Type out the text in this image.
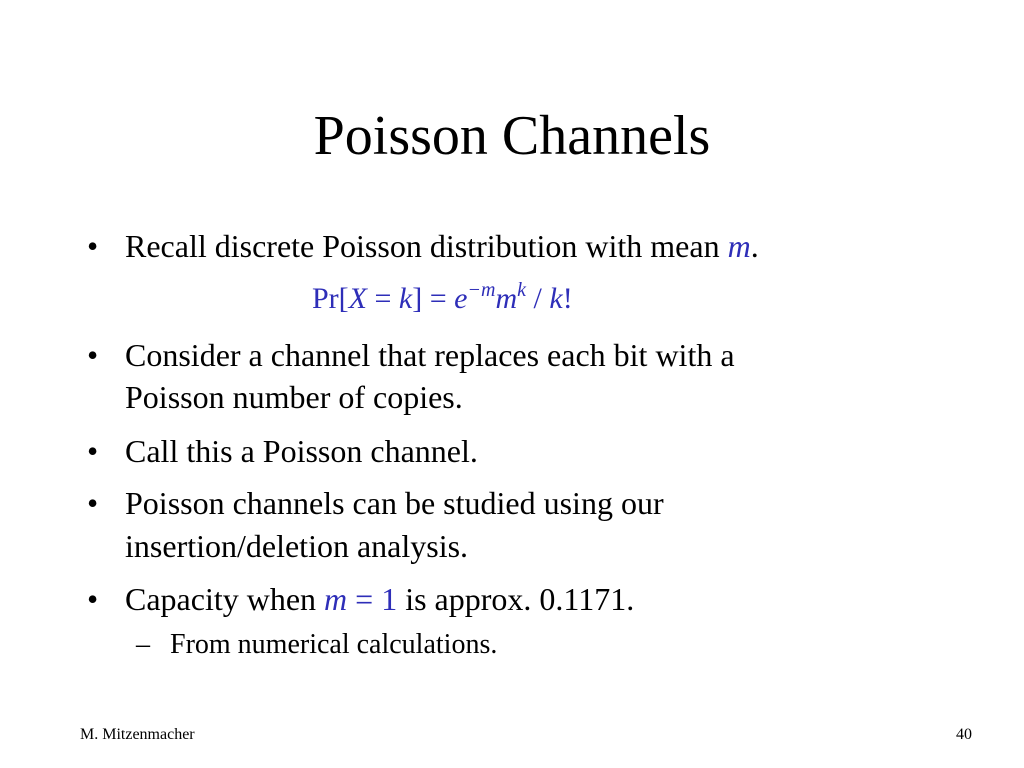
Poisson Channels
• Recall discrete Poisson distribution with mean m.
$Pr[X = k] = e^{-m}m^k / k$!
• Consider a channel that replaces each bit with a
Poisson number of copies.
• Call this a Poisson channel.
• Poisson channels can be studied using our
insertion/deletion analysis.
• Capacity when m = 1 is approx. 0.1171.
– From numerical calculations.
M. Mitzenmacher	40
